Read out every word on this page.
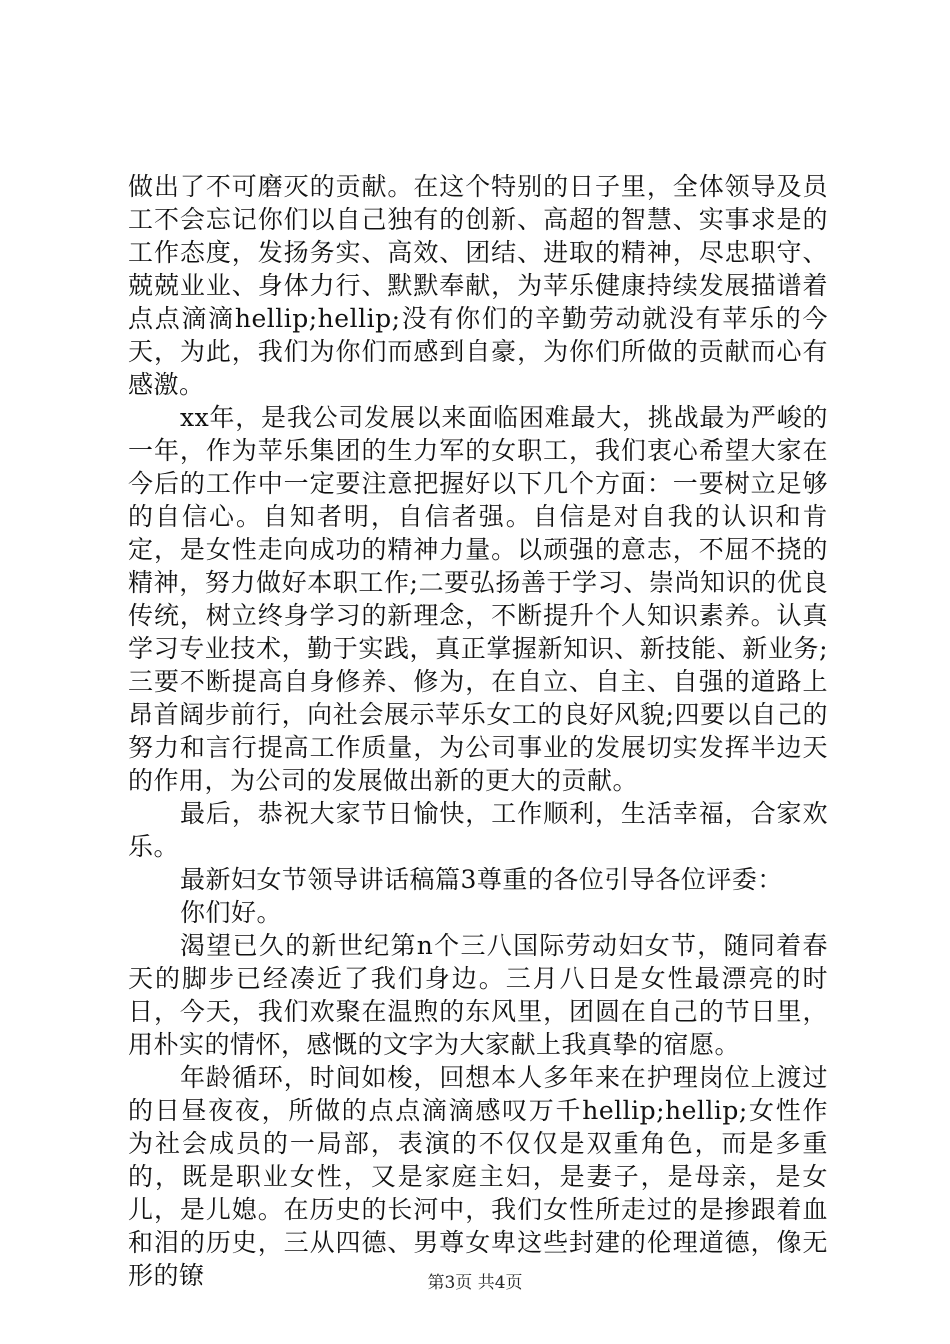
做出了不可磨灭的贡献。在这个特别的日子里，全体领导及员工不会忘记你们以自己独有的创新、高超的智慧、实事求是的工作态度，发扬务实、高效、团结、进取的精神，尽忠职守、兢兢业业、身体力行、默默奉献，为苹乐健康持续发展描谱着点点滴滴hellip;hellip;没有你们的辛勤劳动就没有苹乐的今天，为此，我们为你们而感到自豪，为你们所做的贡献而心有感激。

xx年，是我公司发展以来面临困难最大，挑战最为严峻的一年，作为苹乐集团的生力军的女职工，我们衷心希望大家在今后的工作中一定要注意把握好以下几个方面：一要树立足够的自信心。自知者明，自信者强。自信是对自我的认识和肯定，是女性走向成功的精神力量。以顽强的意志，不屈不挠的精神，努力做好本职工作;二要弘扬善于学习、崇尚知识的优良传统，树立终身学习的新理念，不断提升个人知识素养。认真学习专业技术，勤于实践，真正掌握新知识、新技能、新业务;三要不断提高自身修养、修为，在自立、自主、自强的道路上昂首阔步前行，向社会展示苹乐女工的良好风貌;四要以自己的努力和言行提高工作质量，为公司事业的发展切实发挥半边天的作用，为公司的发展做出新的更大的贡献。

最后，恭祝大家节日愉快，工作顺利，生活幸福，合家欢乐。

最新妇女节领导讲话稿篇3尊重的各位引导各位评委：

你们好。

渴望已久的新世纪第n个三八国际劳动妇女节，随同着春天的脚步已经凑近了我们身边。三月八日是女性最漂亮的时日，今天，我们欢聚在温煦的东风里，团圆在自己的节日里，用朴实的情怀，感慨的文字为大家献上我真挚的宿愿。

年龄循环，时间如梭，回想本人多年来在护理岗位上渡过的日昼夜夜，所做的点点滴滴感叹万千hellip;hellip;女性作为社会成员的一局部，表演的不仅仅是双重角色，而是多重的，既是职业女性，又是家庭主妇，是妻子，是母亲，是女儿，是儿媳。在历史的长河中，我们女性所走过的是掺跟着血和泪的历史，三从四德、男尊女卑这些封建的伦理道德，像无形的镣	第3页 共4页
